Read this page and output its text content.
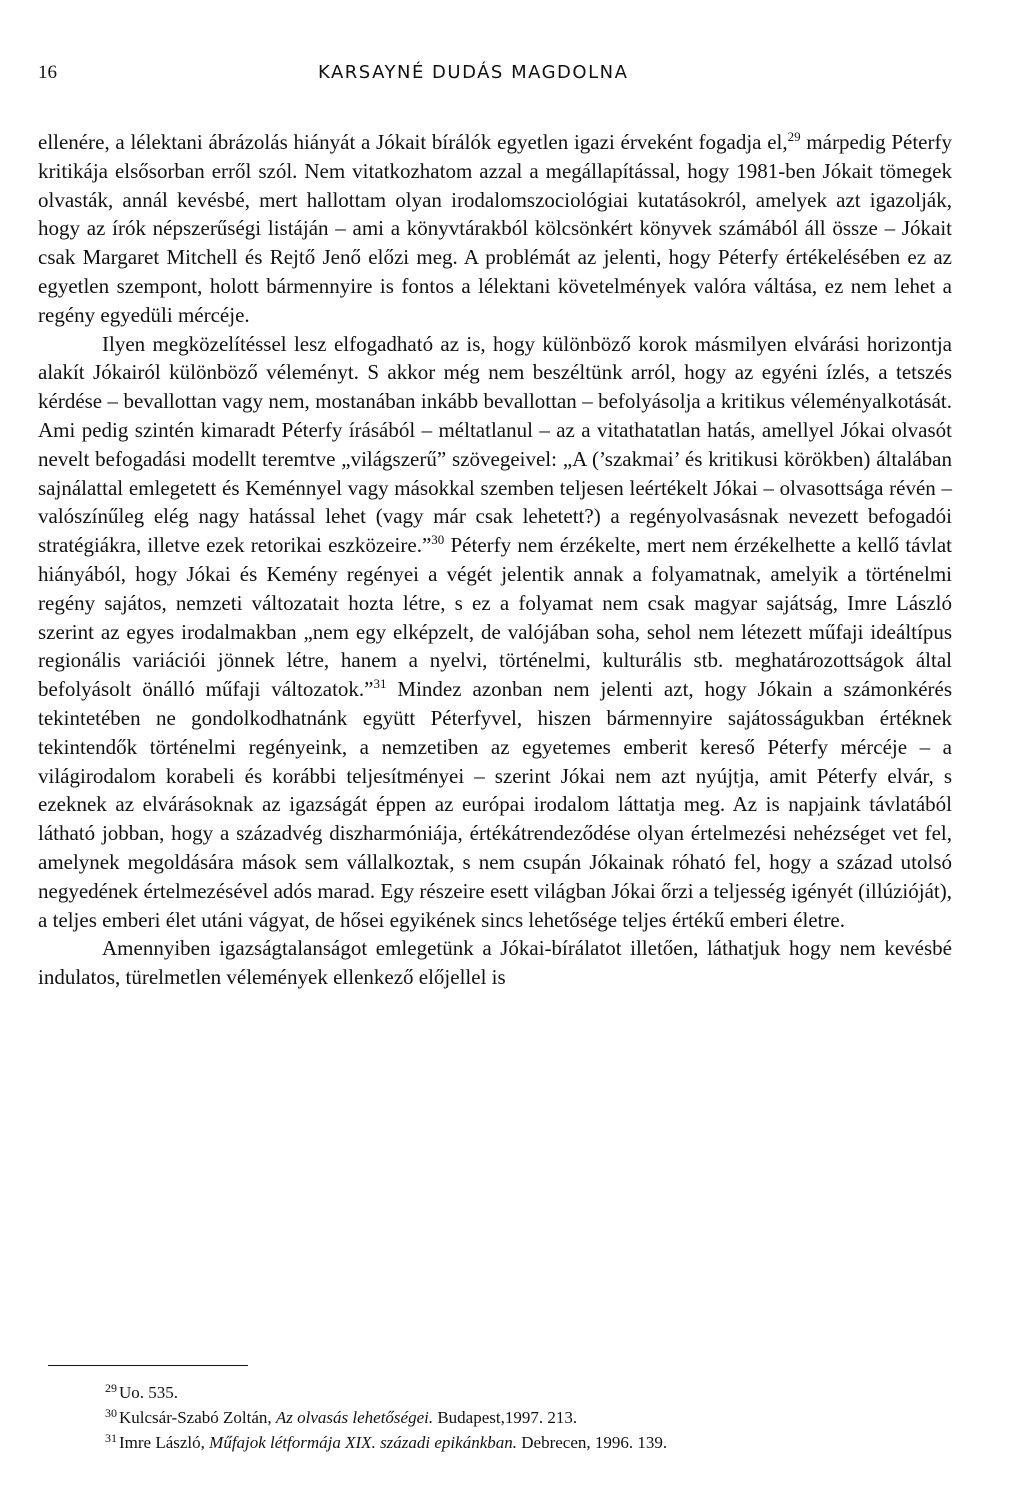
16	KARSAYNÉ DUDÁS MAGDOLNA

ellenére, a lélektani ábrázolás hiányát a Jókait bírálók egyetlen igazi érveként fogadja el,$^{29}$ márpedig Péterfy kritikája elsősorban erről szól. Nem vitatkozhatom azzal a megállapítással, hogy 1981-ben Jókait tömegek olvasták, annál kevésbé, mert hallottam olyan irodalomszociológiai kutatásokról, amelyek azt igazolják, hogy az írók népszerűségi listáján – ami a könyvtárakból kölcsönkért könyvek számából áll össze – Jókait csak Margaret Mitchell és Rejtő Jenő előzi meg. A problémát az jelenti, hogy Péterfy értékelésében ez az egyetlen szempont, holott bármennyire is fontos a lélektani követelmények valóra váltása, ez nem lehet a regény egyedüli mércéje.

Ilyen megközelítéssel lesz elfogadható az is, hogy különböző korok másmilyen elvárási horizontja alakít Jókairól különböző véleményt. S akkor még nem beszéltünk arról, hogy az egyéni ízlés, a tetszés kérdése – bevallottan vagy nem, mostanában inkább bevallottan – befolyásolja a kritikus véleményalkotását. Ami pedig szintén kimaradt Péterfy írásából – méltatlanul – az a vitathatatlan hatás, amellyel Jókai olvasót nevelt befogadási modellt teremtve „világszerű” szövegeivel: „A (’szakmai’ és kritikusi körökben) általában sajnálattal emlegetett és Keménnyel vagy másokkal szemben teljesen leértékelt Jókai – olvasottsága révén – valószínűleg elég nagy hatással lehet (vagy már csak lehetett?) a regényolvasásnak nevezett befogadói stratégiákra, illetve ezek retorikai eszközeire.”$^{30}$ Péterfy nem érzékelte, mert nem érzékelhette a kellő távlat hiányából, hogy Jókai és Kemény regényei a végét jelentik annak a folyamatnak, amelyik a történelmi regény sajátos, nemzeti változatait hozta létre, s ez a folyamat nem csak magyar sajátság, Imre László szerint az egyes irodalmakban „nem egy elképzelt, de valójában soha, sehol nem létezett műfaji ideáltípus regionális variációi jönnek létre, hanem a nyelvi, történelmi, kulturális stb. meghatározottságok által befolyásolt önálló műfaji változatok.”$^{31}$ Mindez azonban nem jelenti azt, hogy Jókain a számonkérés tekintetében ne gondolkodhatnánk együtt Péterfyvel, hiszen bármennyire sajátosságukban értéknek tekintendők történelmi regényeink, a nemzetiben az egyetemes emberit kereső Péterfy mércéje – a világirodalom korabeli és korábbi teljesítményei – szerint Jókai nem azt nyújtja, amit Péterfy elvár, s ezeknek az elvárásoknak az igazságát éppen az európai irodalom láttatja meg. Az is napjaink távlatából látható jobban, hogy a századvég diszharmóniája, értékátrendeződése olyan értelmezési nehézséget vet fel, amelynek megoldására mások sem vállalkoztak, s nem csupán Jókainak róható fel, hogy a század utolsó negyedének értelmezésével adós marad. Egy részeire esett világban Jókai őrzi a teljesség igényét (illúzióját), a teljes emberi élet utáni vágyat, de hősei egyikének sincs lehetősége teljes értékű emberi életre.

Amennyiben igazságtalanságot emlegetünk a Jókai-bírálatot illetően, láthatjuk hogy nem kevésbé indulatos, türelmetlen vélemények ellenkező előjellel is

$^{29}$ Uo. 535.
$^{30}$ Kulcsár-Szabó Zoltán, Az olvasás lehetőségei. Budapest,1997. 213.
$^{31}$ Imre László, Műfajok létformája XIX. századi epikánkban. Debrecen, 1996. 139.
